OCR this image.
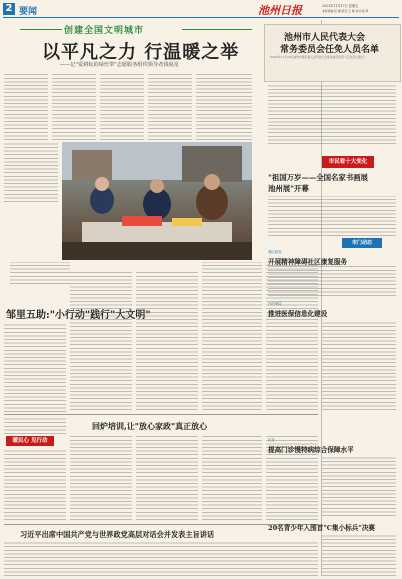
2 要闻	池州日报	2023年11月17日 星期五
本版责编:吴 媛 版式:王 雄 校对:杨 辉
创建全国文明城市
以平凡之力 行温暖之举
——记"爱耕耘的绿丝带"志愿服务组织领导者钱展星
邹里五助:"小行动"践行"大文明"
暖民心 见行动
回炉培训,让"放心家政"真正放心
习近平出席中国共产党与世界政党高层对话会并发表主旨讲话
池州市人民代表大会
常务委员会任免人员名单
（2023年11月16日池州市第五届人民代表大会常务委员会第十五次会议通过）
市民看十大变化
"祖国万岁——全国名家书画展
池州展"开幕
市门动态
我区政府
开展精神障碍社区康复服务
市医保局
推进医保信息化建设
东至
提高门诊慢特病综合保障水平
20名青少年入围首"C集小标兵"决赛
